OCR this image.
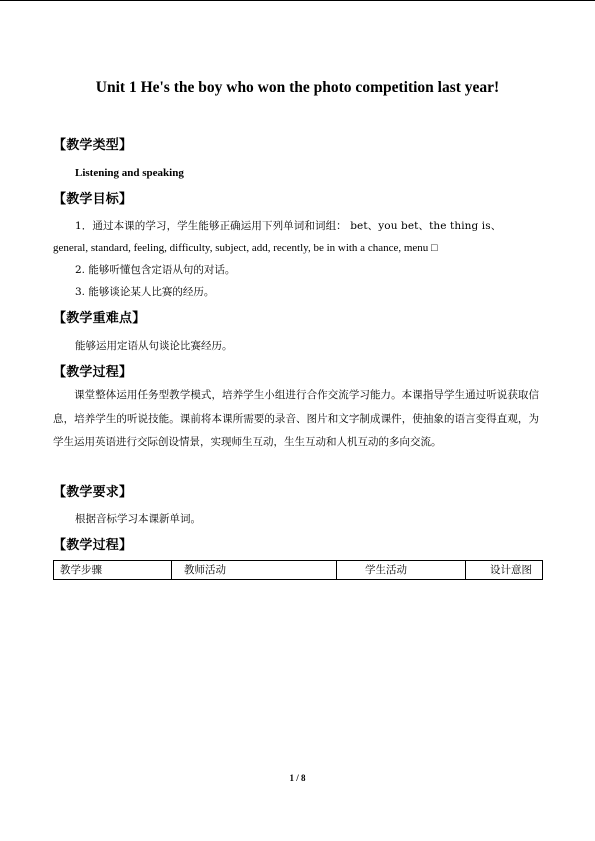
Unit 1 He's the boy who won the photo competition last year!
【教学类型】
Listening and speaking
【教学目标】
1．通过本课的学习，学生能够正确运用下列单词和词组： bet、you bet、the thing is、
general, standard, feeling, difficulty, subject, add, recently, be in with a chance, menu □
2. 能够听懂包含定语从句的对话。
3. 能够谈论某人比赛的经历。
【教学重难点】
能够运用定语从句谈论比赛经历。
【教学过程】
课堂整体运用任务型教学模式，培养学生小组进行合作交流学习能力。本课指导学生通过听说获取信息，培养学生的听说技能。课前将本课所需要的录音、图片和文字制成课件，使抽象的语言变得直观，为学生运用英语进行交际创设情景，实现师生互动，生生互动和人机互动的多向交流。
【教学要求】
根据音标学习本课新单词。
【教学过程】
教学步骤	教师活动	学生活动	设计意图
1 / 8
